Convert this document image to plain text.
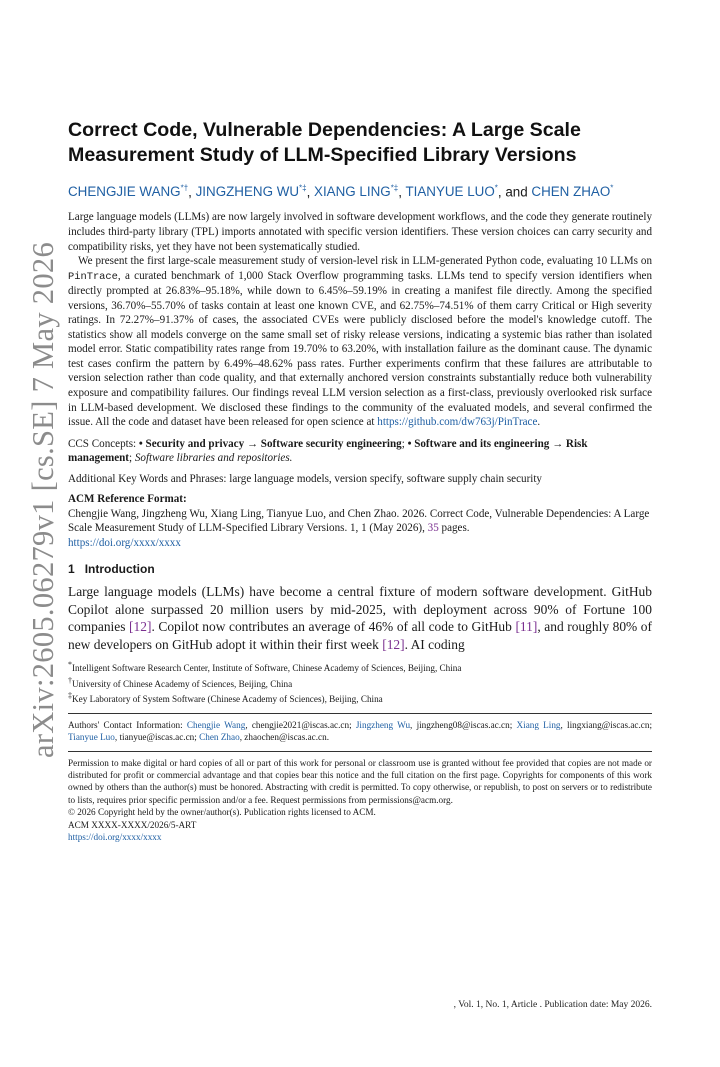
arXiv:2605.06279v1 [cs.SE] 7 May 2026
Correct Code, Vulnerable Dependencies: A Large Scale Measurement Study of LLM-Specified Library Versions
CHENGJIE WANG*†, JINGZHENG WU*‡, XIANG LING*‡, TIANYUE LUO*, and CHEN ZHAO*

Large language models (LLMs) are now largely involved in software development workflows, and the code they generate routinely includes third-party library (TPL) imports annotated with specific version identifiers. These version choices can carry security and compatibility risks, yet they have not been systematically studied.

We present the first large-scale measurement study of version-level risk in LLM-generated Python code, evaluating 10 LLMs on PinTrace, a curated benchmark of 1,000 Stack Overflow programming tasks. LLMs tend to specify version identifiers when directly prompted at 26.83%–95.18%, while down to 6.45%–59.19% in creating a manifest file directly. Among the specified versions, 36.70%–55.70% of tasks contain at least one known CVE, and 62.75%–74.51% of them carry Critical or High severity ratings. In 72.27%–91.37% of cases, the associated CVEs were publicly disclosed before the model's knowledge cutoff. The statistics show all models converge on the same small set of risky release versions, indicating a systemic bias rather than isolated model error. Static compatibility rates range from 19.70% to 63.20%, with installation failure as the dominant cause. The dynamic test cases confirm the pattern by 6.49%–48.62% pass rates. Further experiments confirm that these failures are attributable to version selection rather than code quality, and that externally anchored version constraints substantially reduce both vulnerability exposure and compatibility failures. Our findings reveal LLM version selection as a first-class, previously overlooked risk surface in LLM-based development. We disclosed these findings to the community of the evaluated models, and several confirmed the issue. All the code and dataset have been released for open science at https://github.com/dw763j/PinTrace.

CCS Concepts: • Security and privacy → Software security engineering; • Software and its engineering → Risk management; Software libraries and repositories.
Additional Key Words and Phrases: large language models, version specify, software supply chain security
ACM Reference Format:
Chengjie Wang, Jingzheng Wu, Xiang Ling, Tianyue Luo, and Chen Zhao. 2026. Correct Code, Vulnerable Dependencies: A Large Scale Measurement Study of LLM-Specified Library Versions. 1, 1 (May 2026), 35 pages.
https://doi.org/xxxx/xxxx
1 Introduction

Large language models (LLMs) have become a central fixture of modern software development. GitHub Copilot alone surpassed 20 million users by mid-2025, with deployment across 90% of Fortune 100 companies [12]. Copilot now contributes an average of 46% of all code to GitHub [11], and roughly 80% of new developers on GitHub adopt it within their first week [12]. AI coding

*Intelligent Software Research Center, Institute of Software, Chinese Academy of Sciences, Beijing, China
†University of Chinese Academy of Sciences, Beijing, China
‡Key Laboratory of System Software (Chinese Academy of Sciences), Beijing, China
Authors' Contact Information: Chengjie Wang, chengjie2021@iscas.ac.cn; Jingzheng Wu, jingzheng08@iscas.ac.cn; Xiang Ling, lingxiang@iscas.ac.cn; Tianyue Luo, tianyue@iscas.ac.cn; Chen Zhao, zhaochen@iscas.ac.cn.

Permission to make digital or hard copies of all or part of this work for personal or classroom use is granted without fee provided that copies are not made or distributed for profit or commercial advantage and that copies bear this notice and the full citation on the first page. Copyrights for components of this work owned by others than the author(s) must be honored. Abstracting with credit is permitted. To copy otherwise, or republish, to post on servers or to redistribute to lists, requires prior specific permission and/or a fee. Request permissions from permissions@acm.org.

© 2026 Copyright held by the owner/author(s). Publication rights licensed to ACM.

ACM XXXX-XXXX/2026/5-ART

https://doi.org/xxxx/xxxx

, Vol. 1, No. 1, Article . Publication date: May 2026.
